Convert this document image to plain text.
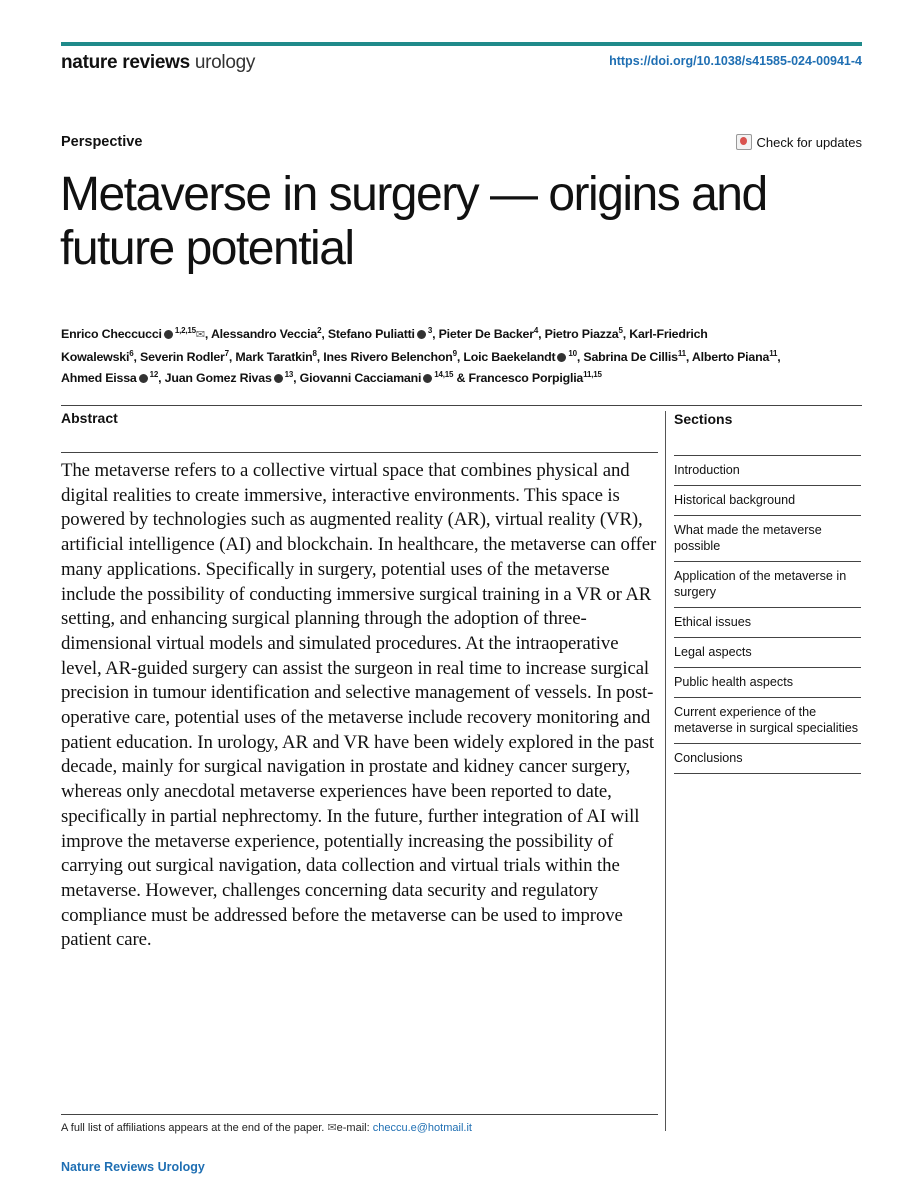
nature reviews urology	https://doi.org/10.1038/s41585-024-00941-4
Perspective	Check for updates
Metaverse in surgery — origins and future potential
Enrico Checcucci $^{1,2,15}$✉, Alessandro Veccia$^2$, Stefano Puliatti $^3$, Pieter De Backer$^4$, Pietro Piazza$^5$, Karl-Friedrich Kowalewski$^6$, Severin Rodler$^7$, Mark Taratkin$^8$, Ines Rivero Belenchon$^9$, Loic Baekelandt $^{10}$, Sabrina De Cillis$^{11}$, Alberto Piana$^{11}$, Ahmed Eissa $^{12}$, Juan Gomez Rivas $^{13}$, Giovanni Cacciamani $^{14,15}$ & Francesco Porpiglia$^{11,15}$
Abstract

The metaverse refers to a collective virtual space that combines physical and digital realities to create immersive, interactive environments. This space is powered by technologies such as augmented reality (AR), virtual reality (VR), artificial intelligence (AI) and blockchain. In healthcare, the metaverse can offer many applications. Specifically in surgery, potential uses of the metaverse include the possibility of conducting immersive surgical training in a VR or AR setting, and enhancing surgical planning through the adoption of three-dimensional virtual models and simulated procedures. At the intraoperative level, AR-guided surgery can assist the surgeon in real time to increase surgical precision in tumour identification and selective management of vessels. In post-operative care, potential uses of the metaverse include recovery monitoring and patient education. In urology, AR and VR have been widely explored in the past decade, mainly for surgical navigation in prostate and kidney cancer surgery, whereas only anecdotal metaverse experiences have been reported to date, specifically in partial nephrectomy. In the future, further integration of AI will improve the metaverse experience, potentially increasing the possibility of carrying out surgical navigation, data collection and virtual trials within the metaverse. However, challenges concerning data security and regulatory compliance must be addressed before the metaverse can be used to improve patient care.

Sections
Introduction
Historical background
What made the metaverse possible
Application of the metaverse in surgery
Ethical issues
Legal aspects
Public health aspects
Current experience of the metaverse in surgical specialities
Conclusions
A full list of affiliations appears at the end of the paper. ✉e-mail: checcu.e@hotmail.it
Nature Reviews Urology
